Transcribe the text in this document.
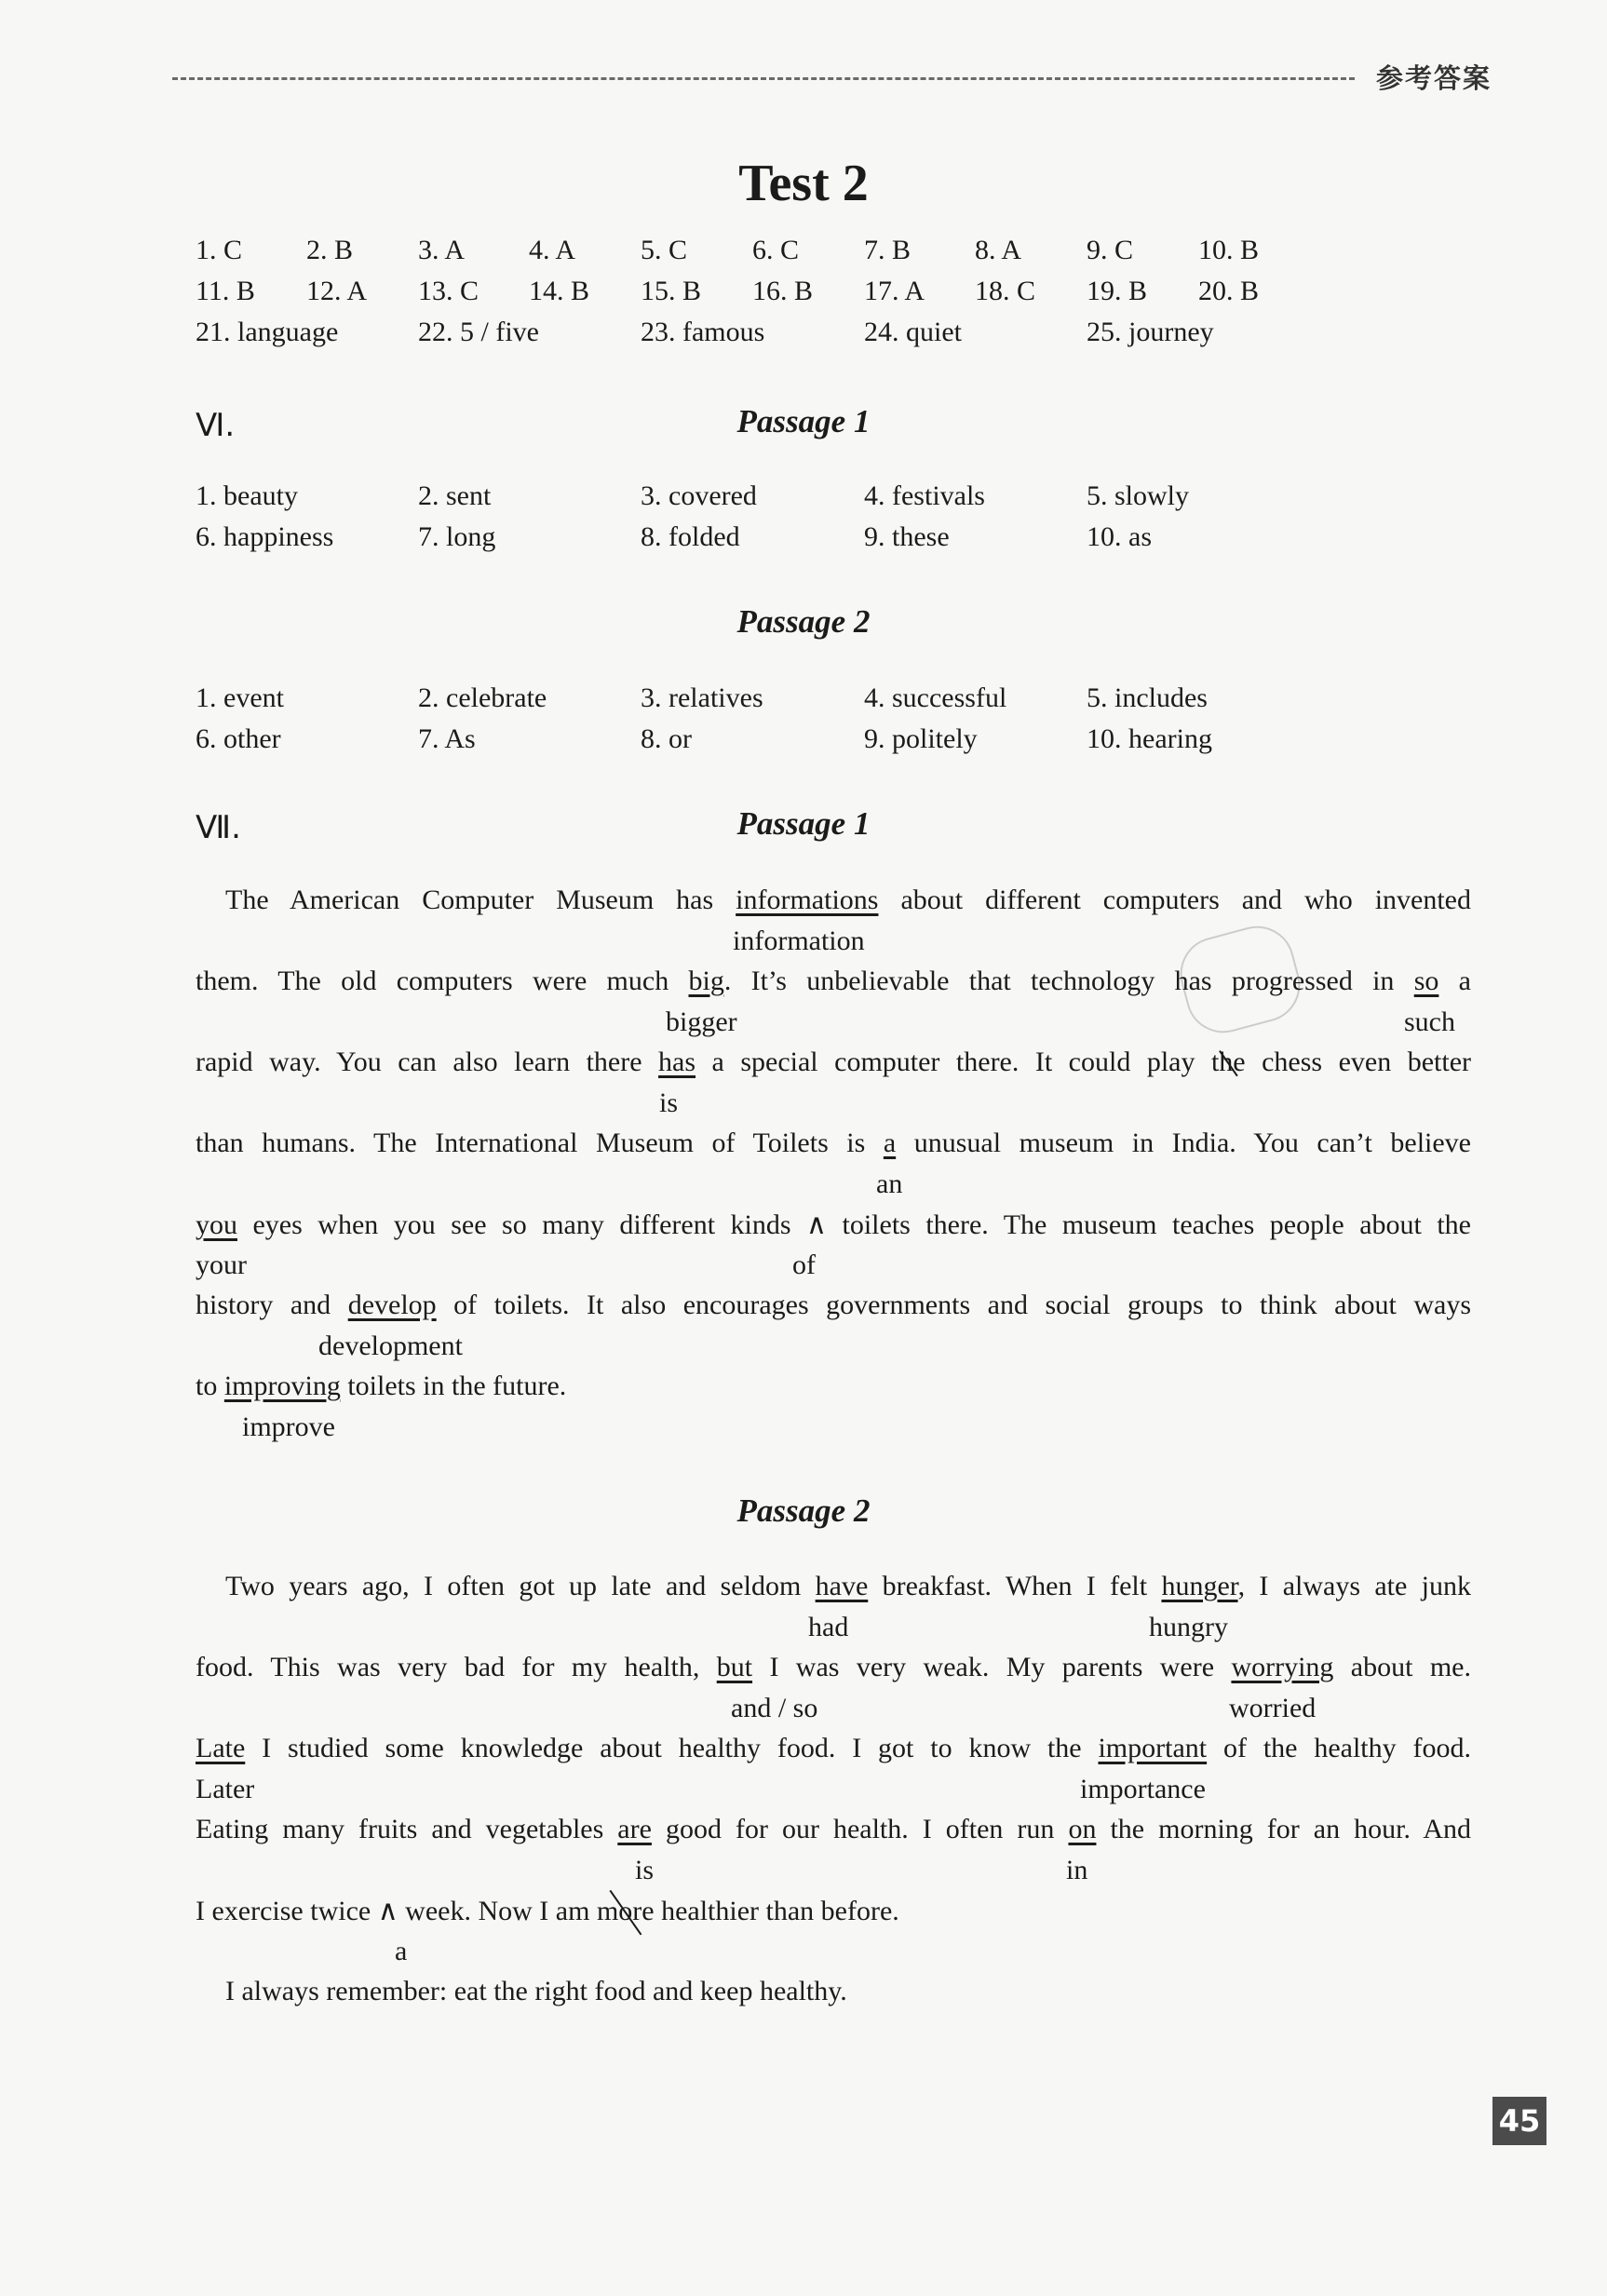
参考答案
Test 2
1. C 2. B 3. A 4. A 5. C 6. C 7. B 8. A 9. C 10. B
11. B 12. A 13. C 14. B 15. B 16. B 17. A 18. C 19. B 20. B
21. language	22. 5 / five	23. famous	24. quiet	25. journey
Ⅵ.	Passage 1
1. beauty	2. sent	3. covered	4. festivals	5. slowly
6. happiness	7. long	8. folded	9. these	10. as
Passage 2
1. event	2. celebrate	3. relatives	4. successful	5. includes
6. other	7. As	8. or	9. politely	10. hearing
Ⅶ.	Passage 1
The American Computer Museum has informations about different computers and who invented
information
them. The old computers were much big. It’s unbelievable that technology has progressed in so a
bigger	such
rapid way. You can also learn there has a special computer there. It could play the chess even better
is
than humans. The International Museum of Toilets is a unusual museum in India. You can’t believe
an
you eyes when you see so many different kinds ∧ toilets there. The museum teaches people about the
your	of
history and develop of toilets. It also encourages governments and social groups to think about ways
development
to improving toilets in the future.
improve
Passage 2
Two years ago, I often got up late and seldom have breakfast. When I felt hunger, I always ate junk
had	hungry
food. This was very bad for my health, but I was very weak. My parents were worrying about me.
and / so	worried
Late I studied some knowledge about healthy food. I got to know the important of the healthy food.
Later	importance
Eating many fruits and vegetables are good for our health. I often run on the morning for an hour. And
is	in
I exercise twice ∧ week. Now I am more healthier than before.
a
I always remember: eat the right food and keep healthy.
45
